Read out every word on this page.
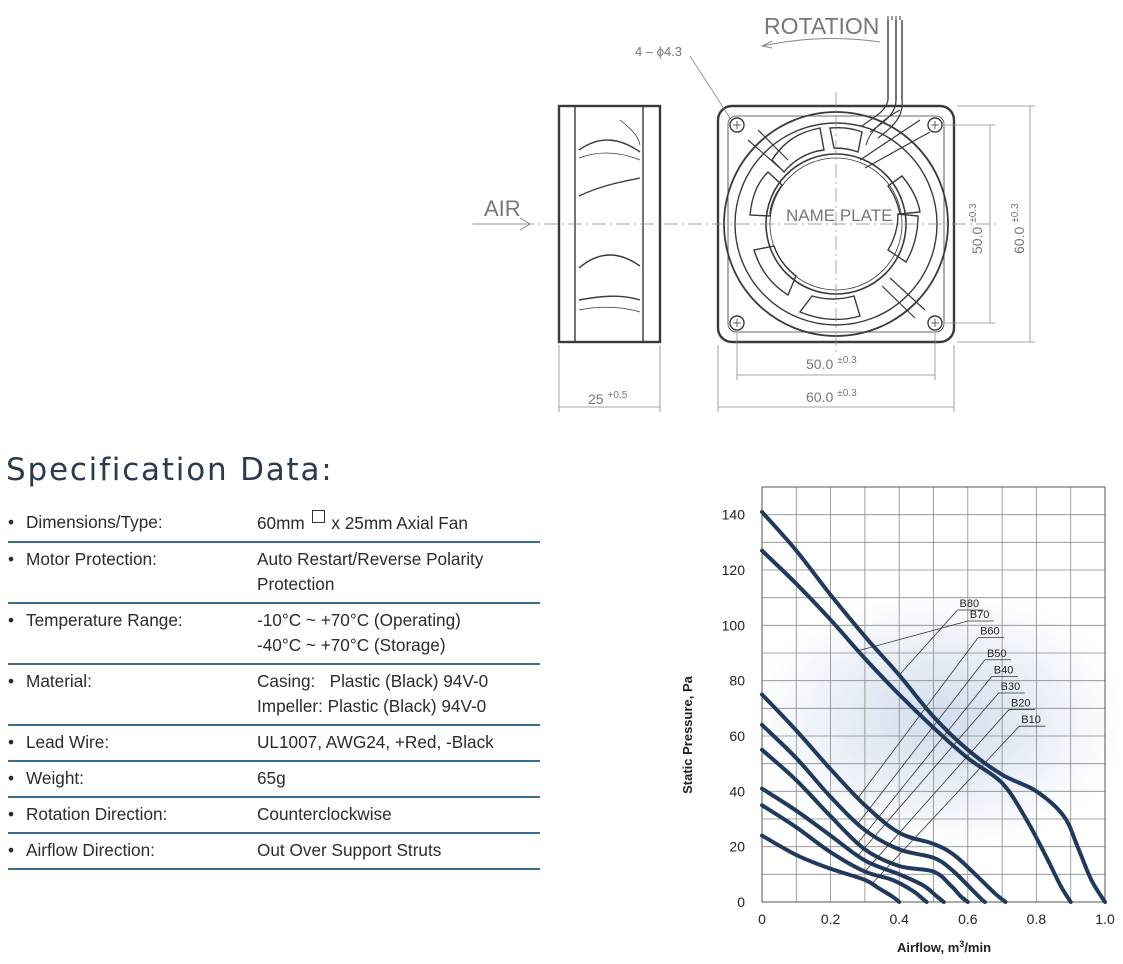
ROTATION
AIR
4 – ϕ4.3
NAME PLATE
25 $^{+0.5}$
50.0 $^{\pm 0.3}$
60.0 $^{\pm 0.3}$
$50.0^{\pm 0.3}$
$60.0^{\pm 0.3}$
Specification Data:
• Dimensions/Type:	60mm x 25mm Axial Fan
• Motor Protection:	Auto Restart/Reverse Polarity
Protection
• Temperature Range:	-10°C ~ +70°C (Operating)
-40°C ~ +70°C (Storage)
• Material:	Casing:   Plastic (Black) 94V-0
Impeller: Plastic (Black) 94V-0
• Lead Wire:	UL1007, AWG24, +Red, -Black
• Weight:	65g
• Rotation Direction:	Counterclockwise
• Airflow Direction:	Out Over Support Struts
0
20
40
60
80
100
120
140
0	0.2	0.4	0.6	0.8	1.0
B80
B70
B60
B50
B40
B30
B20
B10
Static Pressure, Pa
Airflow, $m^3/\min$
